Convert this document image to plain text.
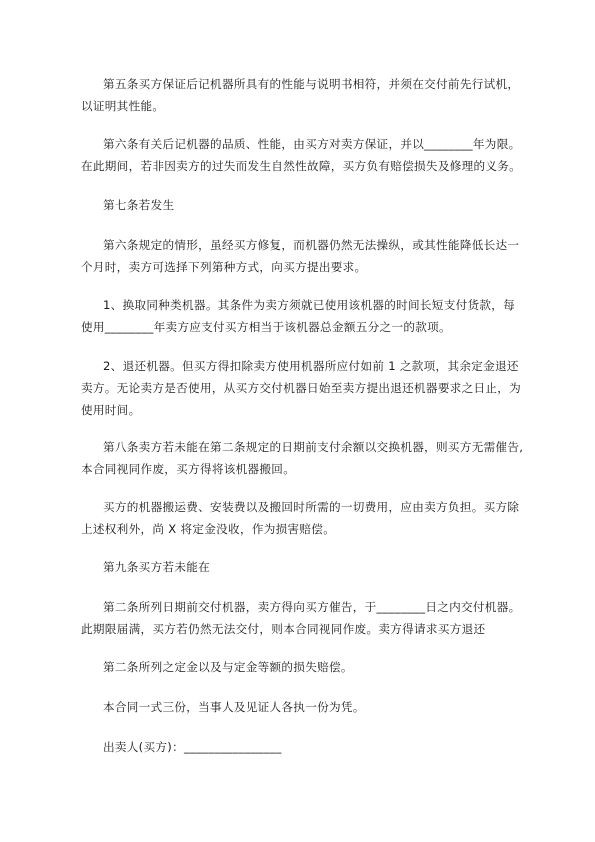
第五条买方保证后记机器所具有的性能与说明书相符，并须在交付前先行试机，
以证明其性能。
第六条有关后记机器的品质、性能，由买方对卖方保证，并以________年为限。
在此期间，若非因卖方的过失而发生自然性故障，买方负有赔偿损失及修理的义务。
第七条若发生
第六条规定的情形，虽经买方修复，而机器仍然无法操纵，或其性能降低长达一
个月时，卖方可选择下列第种方式，向买方提出要求。
1、换取同种类机器。其条件为卖方须就已使用该机器的时间长短支付货款，每
使用________年卖方应支付买方相当于该机器总金额五分之一的款项。
2、退还机器。但买方得扣除卖方使用机器所应付如前 1 之款项，其余定金退还
卖方。无论卖方是否使用，从买方交付机器日始至卖方提出退还机器要求之日止，为
使用时间。
第八条卖方若未能在第二条规定的日期前支付余额以交换机器，则买方无需催告,
本合同视同作废，买方得将该机器搬回。
买方的机器搬运费、安装费以及搬回时所需的一切费用，应由卖方负担。买方除
上述权利外，尚 X 将定金没收，作为损害赔偿。
第九条买方若未能在
第二条所列日期前交付机器，卖方得向买方催告，于________日之内交付机器。
此期限届满，买方若仍然无法交付，则本合同视同作废。卖方得请求买方退还
第二条所列之定金以及与定金等额的损失赔偿。
本合同一式三份，当事人及见证人各执一份为凭。
出卖人(买方)：________________
